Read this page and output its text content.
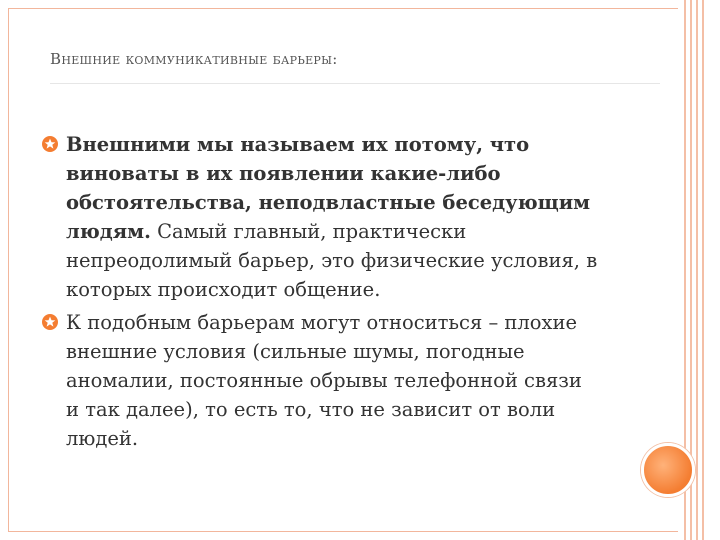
Внешние коммуникативные барьеры:
Внешними мы называем их потому, что виноваты в их появлении какие-либо обстоятельства, неподвластные беседующим людям. Самый главный, практически непреодолимый барьер, это физические условия, в которых происходит общение.
К подобным барьерам могут относиться – плохие внешние условия (сильные шумы, погодные аномалии, постоянные обрывы телефонной связи и так далее), то есть то, что не зависит от воли людей.
